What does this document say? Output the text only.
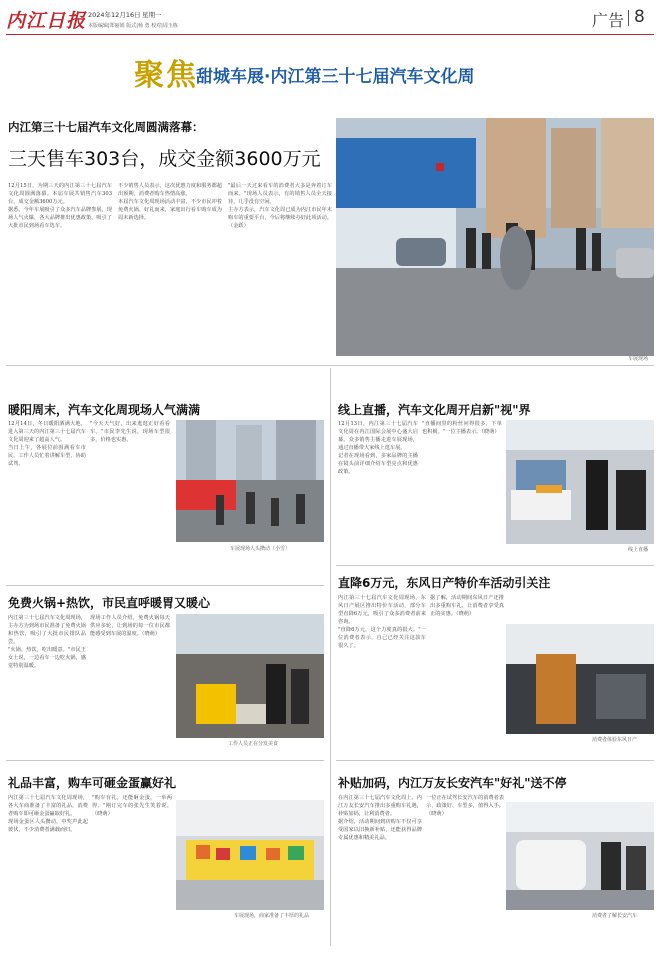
内江日报 2024年12月16日 星期一
本版编辑|郑丽娟 版式|杨 勇 校对|周玉栋	广告 8
聚焦
甜城车展·内江第三十七届汽车文化周
内江第三十七届汽车文化周圆满落幕：
三天售车303台，成交金额3600万元
12月15日，为期三天的内江第三十七届汽车文化周圆满落幕。本届车展共销售汽车303台，成交金额3600万元。
据悉，今年车展吸引了众多汽车品牌参展，现场人气火爆，各大品牌推出优惠政策，吸引了大批市民到场看车选车。
不少销售人员表示，这次优惠力度和服务都超出预期，消费者购车热情高涨。
本届汽车文化周现场活动丰富，不少市民冲着免费火锅、好礼而来，家庭出行看车购车成为周末新选择。
"最后一天过来看车的消费者大多是奔着订车而来。"现场人员表示，有的销售人员全天接待，几乎没有空闲。
主办方表示，汽车文化周已成为内江市民年末购车的重要平台，今后将继续办好此项活动。（金跃）
车展现场
暖阳周末，汽车文化周现场人气满满
12月14日，冬日暖阳洒满大地，进入第三天的内江第三十七届汽车文化周迎来了超高人气。
当日上午，各展位前围满看车市民，工作人员忙着讲解车型、协助试驾。
"今天天气好，出来逛逛正好看看车。"市民李先生说，现场车型很多，价格也实惠。
车展现场人头攒动（小雪）
免费火锅+热饮，市民直呼暖胃又暖心
内江第三十七届汽车文化周现场，主办方为到场市民准备了免费火锅和热饮，吸引了大批市民排队品尝。
"火锅、热饮，吃出暖意。"市民王女士说，一边看车一边吃火锅，感觉特别温暖。
现场工作人员介绍，免费火锅每天供应多轮，让到场的每一位市民都能感受到车展的温度。（晓萌）
工作人员正在分发美食
礼品丰富，购车可砸金蛋赢好礼
内江第三十七届汽车文化周现场，各大车商准备了丰富的礼品，消费者购车即可砸金蛋赢取好礼。
现场金蛋区人头攒动，中奖声此起彼伏，不少消费者满载而归。
"购车有礼，还能砸金蛋，一举两得。"刚订完车的张先生笑着说。（晓萌）
车展现场，商家准备了丰厚的礼品
线上直播，汽车文化周开启新"视"界
12月13日，内江第三十七届汽车文化周在内江国际会展中心盛大启幕。众多销售主播走进车展现场，通过直播带大家线上逛车展。
记者在现场看到，多家品牌的主播在镜头前详细介绍车型亮点和优惠政策。
"直播间里的粉丝问得很多，下单也积极。"一位主播表示。（晓萌）
线上直播
直降6万元，东风日产特价车活动引关注
内江第三十七届汽车文化周现场，东风日产展区推出特价车活动，部分车型直降6万元，吸引了众多消费者前来咨询。
"直降6万元，这个力度真的很大。"一位消费者表示，自己已经关注这款车很久了。
据了解，活动期间东风日产还推出多重购车礼，让消费者享受真正的实惠。（晓萌）
消费者体验东风日产
补贴加码，内江万友长安汽车"好礼"送不停
在内江第三十七届汽车文化周上，内江万友长安汽车推出多重购车礼遇，补贴加码，让利消费者。
据介绍，活动期间到店购车不仅可享受国家以旧换新补贴，还能获得品牌专属优惠和精美礼品。
一位正在试驾长安汽车的消费者表示，政策好、车型多，值得入手。（晓萌）
消费者了解长安汽车
